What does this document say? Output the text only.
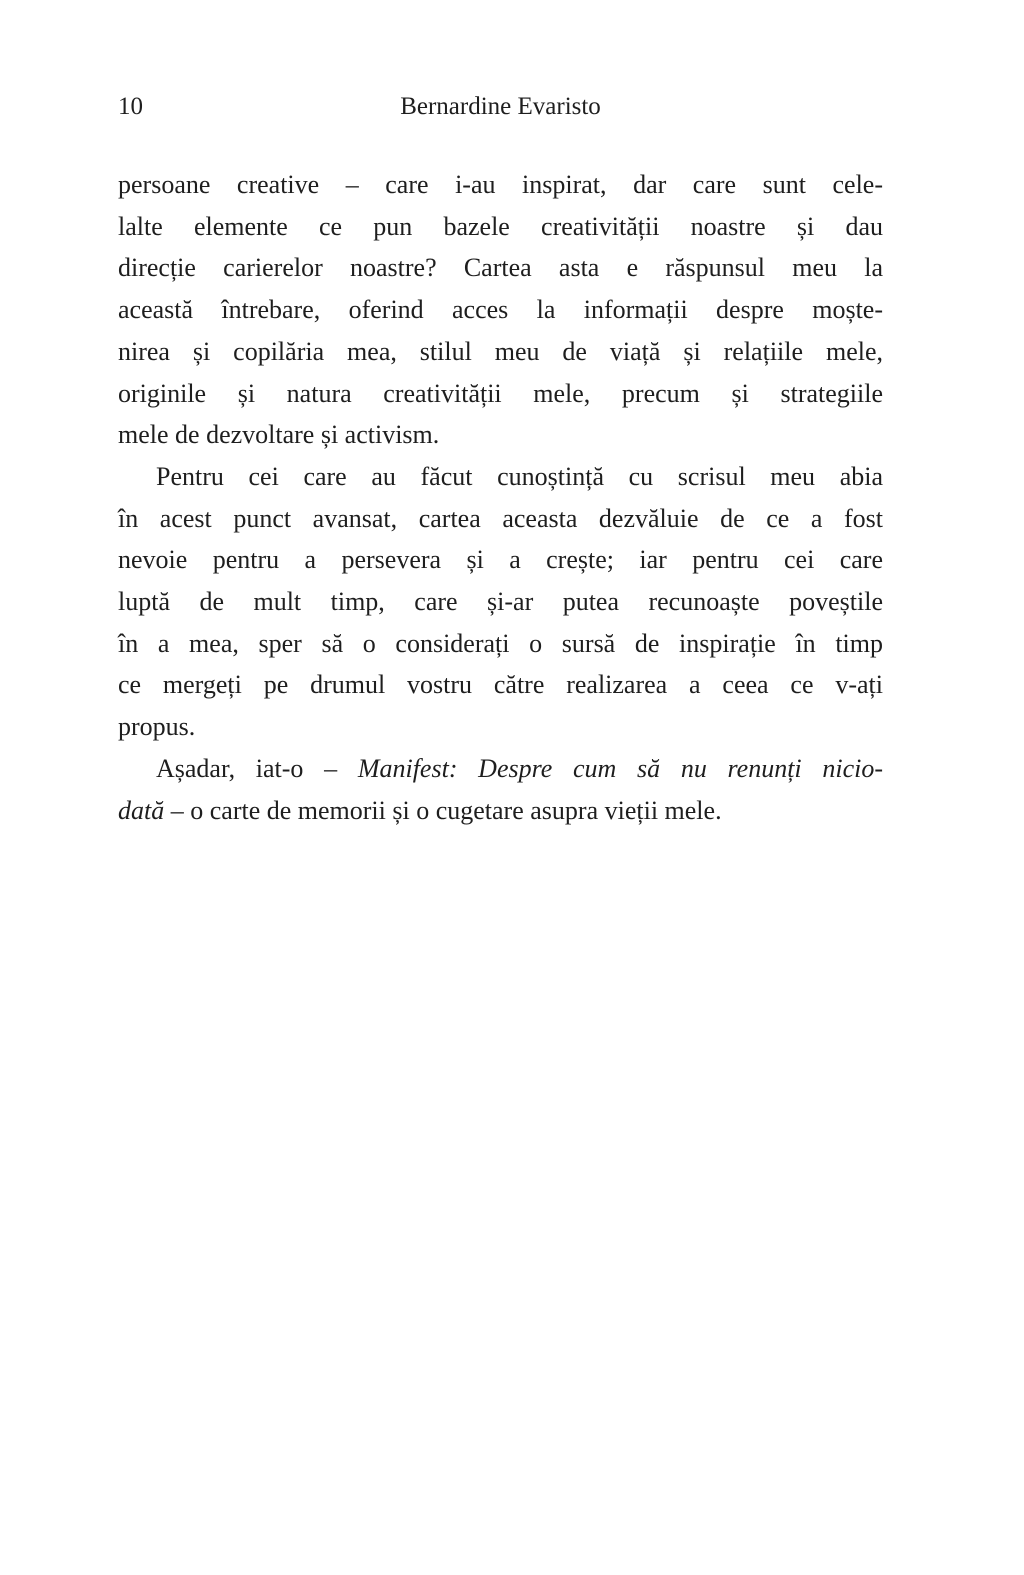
10	Bernardine Evaristo
persoane creative – care i-au inspirat, dar care sunt cele-
lalte elemente ce pun bazele creativității noastre și dau
direcție carierelor noastre? Cartea asta e răspunsul meu la
această întrebare, oferind acces la informații despre moște-
nirea și copilăria mea, stilul meu de viață și relațiile mele,
originile și natura creativității mele, precum și strategiile
mele de dezvoltare și activism.
Pentru cei care au făcut cunoștință cu scrisul meu abia
în acest punct avansat, cartea aceasta dezvăluie de ce a fost
nevoie pentru a persevera și a crește; iar pentru cei care
luptă de mult timp, care și-ar putea recunoaște poveștile
în a mea, sper să o considerați o sursă de inspirație în timp
ce mergeți pe drumul vostru către realizarea a ceea ce v-ați
propus.
Așadar, iat-o – Manifest: Despre cum să nu renunți nicio-
dată – o carte de memorii și o cugetare asupra vieții mele.
